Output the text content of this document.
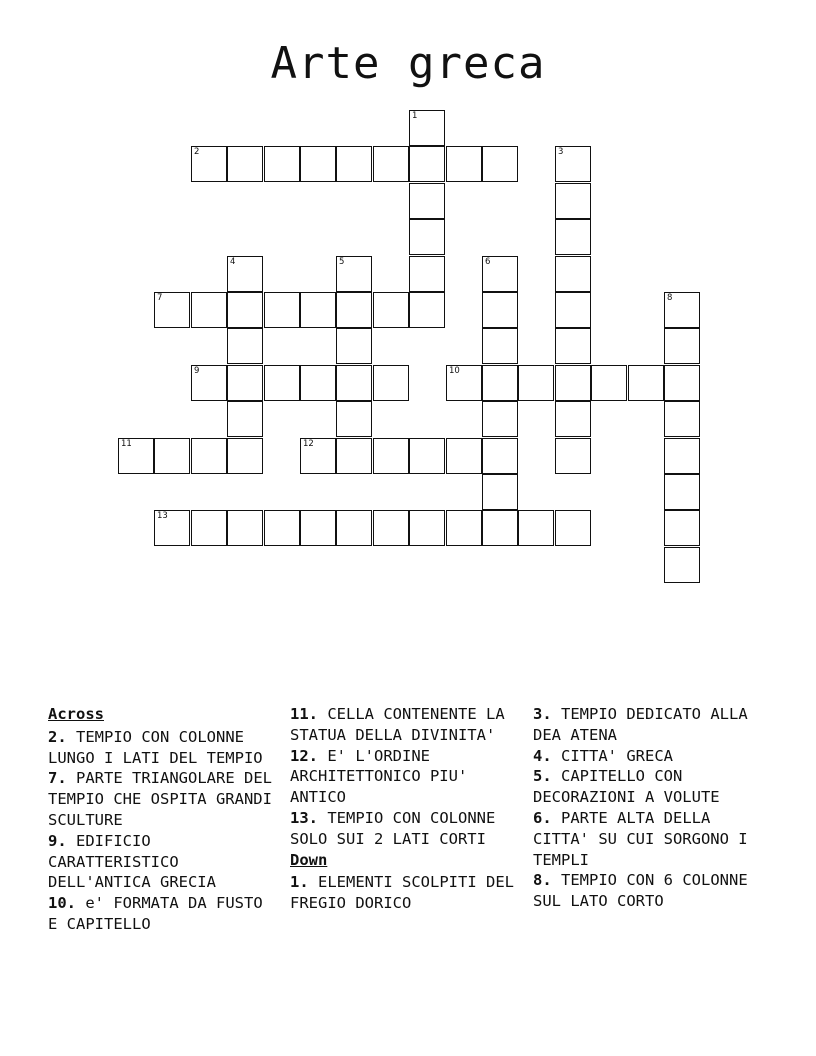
Arte greca
1
2	3
4	5	6
7	8
9	10
11	12
13
Across

2. TEMPIO CON COLONNE LUNGO I LATI DEL TEMPIO

7. PARTE TRIANGOLARE DEL TEMPIO CHE OSPITA GRANDI SCULTURE

9. EDIFICIO CARATTERISTICO DELL'ANTICA GRECIA

10. e' FORMATA DA FUSTO E CAPITELLO

11. CELLA CONTENENTE LA STATUA DELLA DIVINITA'

12. E' L'ORDINE ARCHITETTONICO PIU' ANTICO

13. TEMPIO CON COLONNE SOLO SUI 2 LATI CORTI

Down

1. ELEMENTI SCOLPITI DEL FREGIO DORICO

3. TEMPIO DEDICATO ALLA DEA ATENA

4. CITTA' GRECA

5. CAPITELLO CON DECORAZIONI A VOLUTE

6. PARTE ALTA DELLA CITTA' SU CUI SORGONO I TEMPLI

8. TEMPIO CON 6 COLONNE SUL LATO CORTO
